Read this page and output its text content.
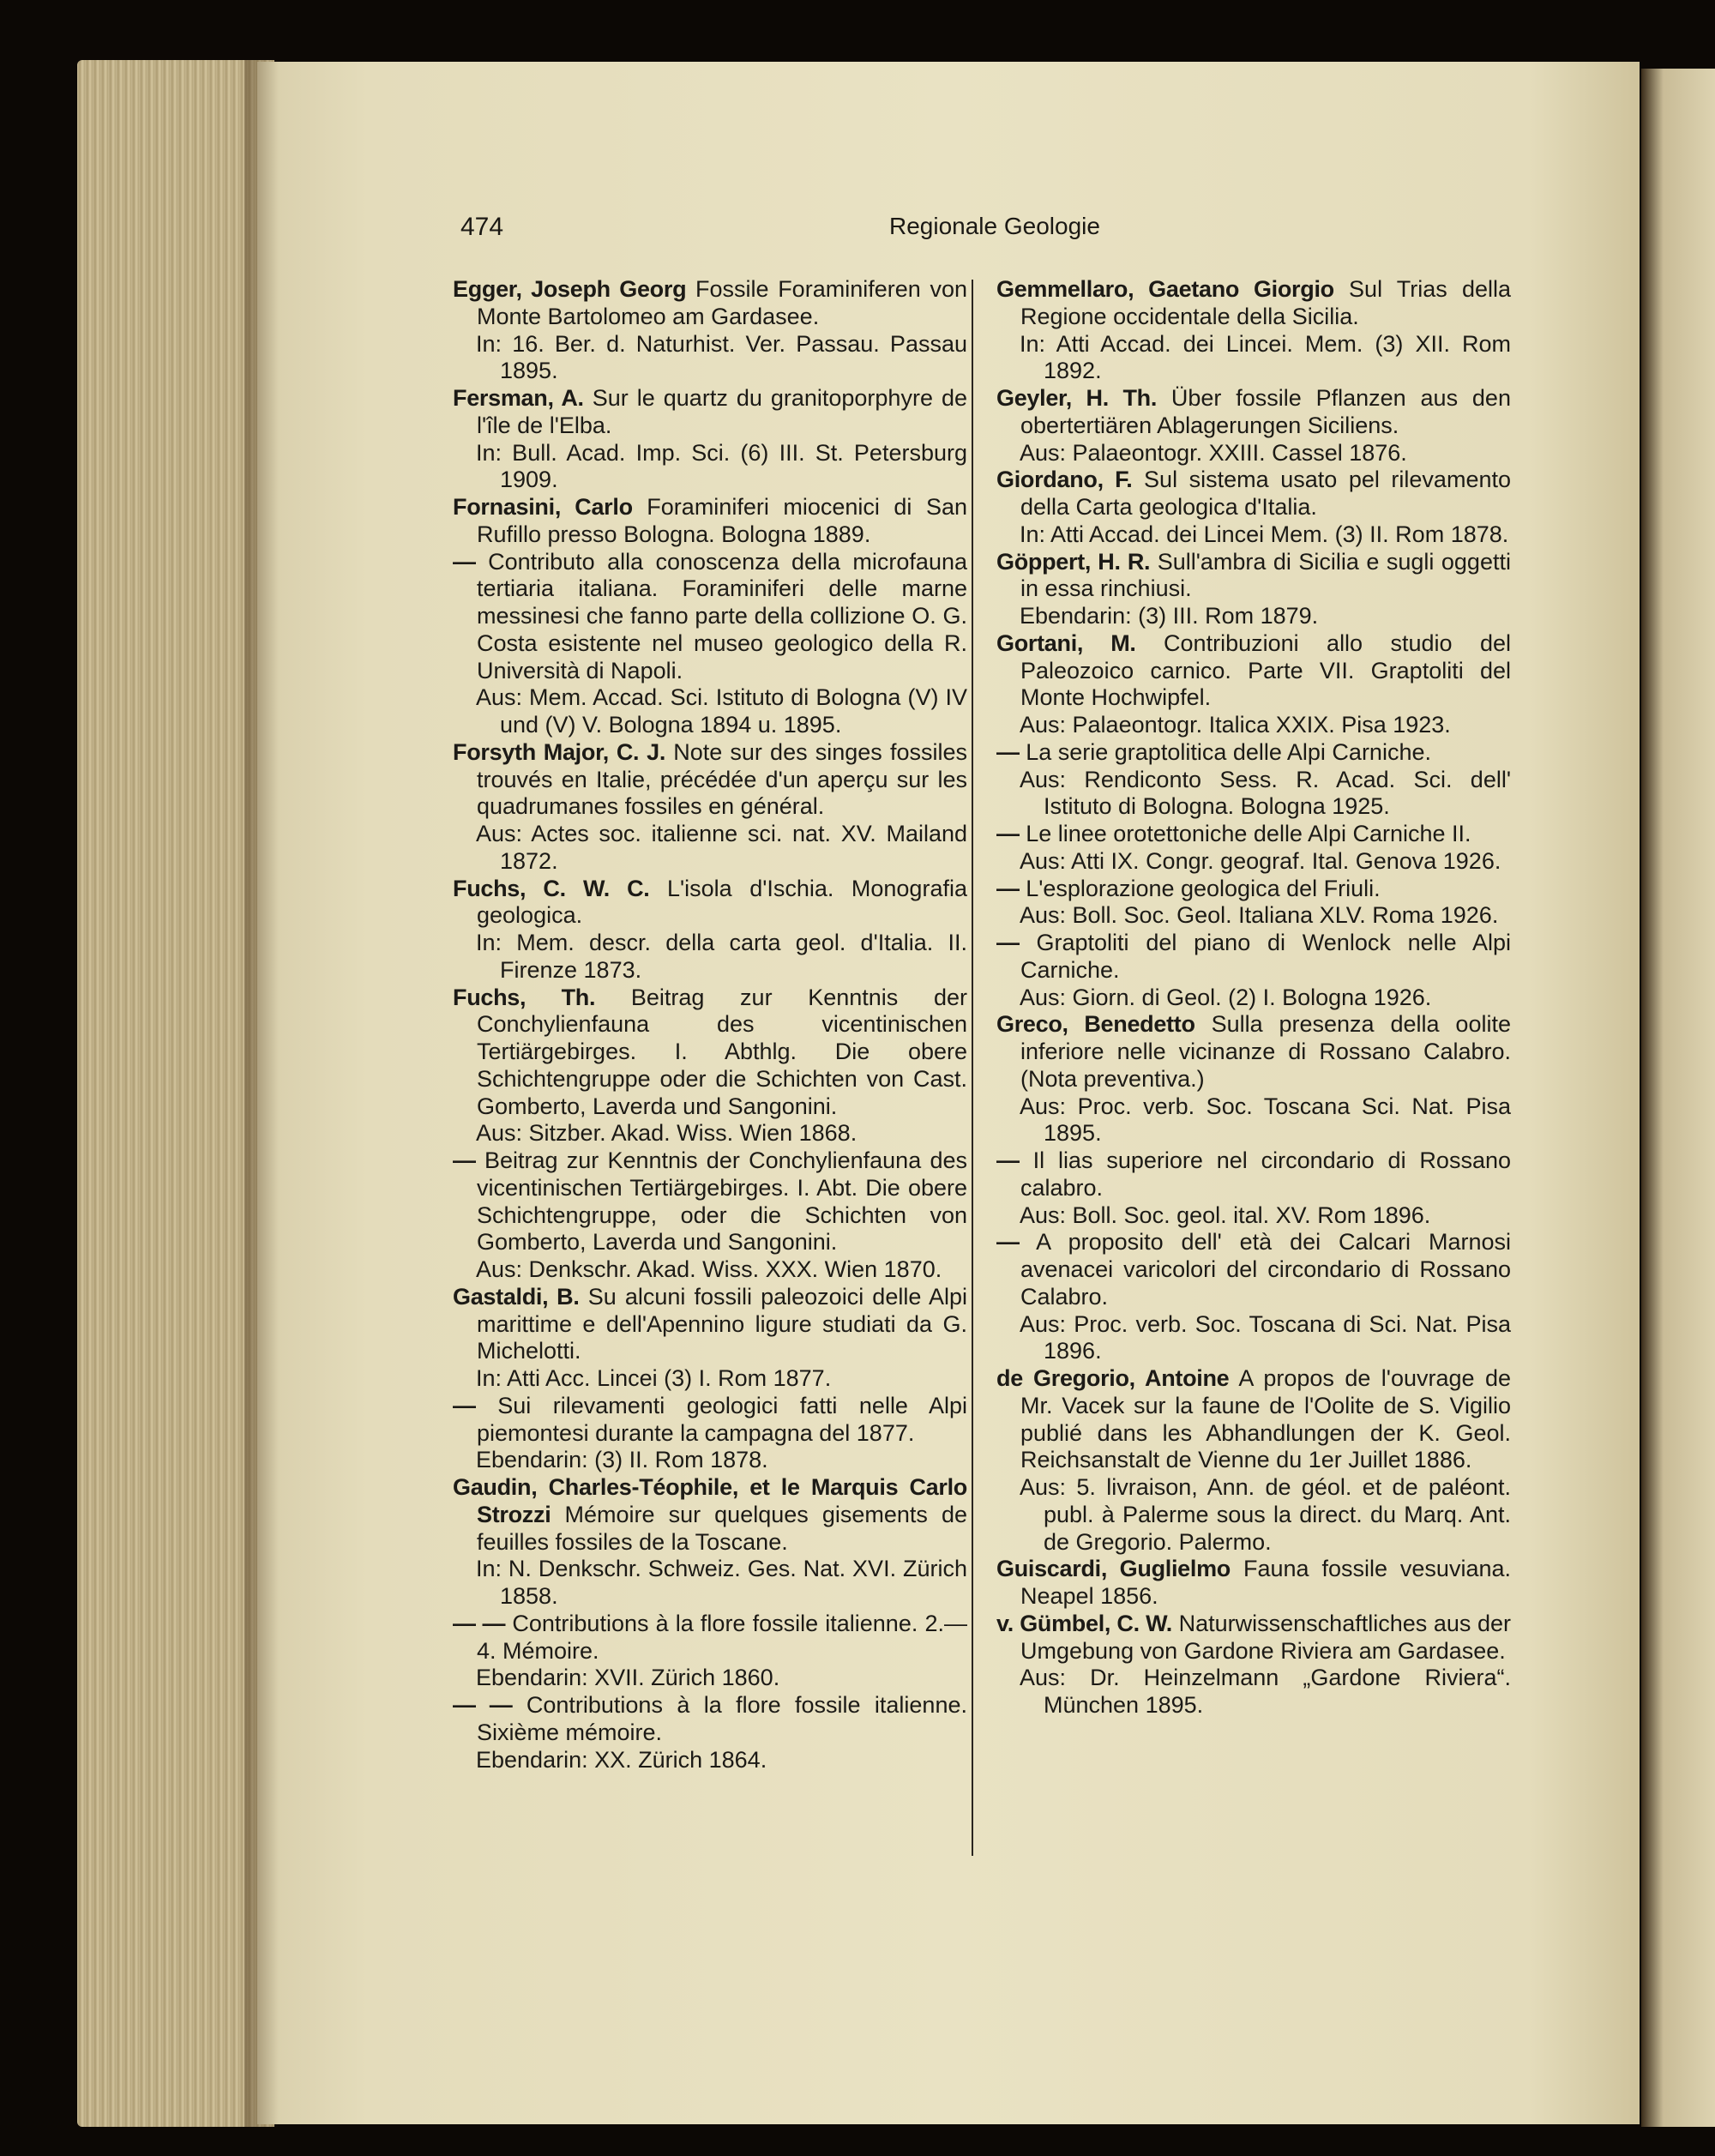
474	Regionale Geologie
Egger, Joseph Georg Fossile Foraminiferen von Monte Bartolomeo am Gardasee.
In: 16. Ber. d. Naturhist. Ver. Passau. Passau 1895.
Fersman, A. Sur le quartz du granitoporphyre de l'île de l'Elba.
In: Bull. Acad. Imp. Sci. (6) III. St. Petersburg 1909.
Fornasini, Carlo Foraminiferi miocenici di San Rufillo presso Bologna. Bologna 1889.
— Contributo alla conoscenza della microfauna tertiaria italiana. Foraminiferi delle marne messinesi che fanno parte della collizione O. G. Costa esistente nel museo geologico della R. Università di Napoli.
Aus: Mem. Accad. Sci. Istituto di Bologna (V) IV und (V) V. Bologna 1894 u. 1895.
Forsyth Major, C. J. Note sur des singes fossiles trouvés en Italie, précédée d'un aperçu sur les quadrumanes fossiles en général.
Aus: Actes soc. italienne sci. nat. XV. Mailand 1872.
Fuchs, C. W. C. L'isola d'Ischia. Monografia geologica.
In: Mem. descr. della carta geol. d'Italia. II. Firenze 1873.
Fuchs, Th. Beitrag zur Kenntnis der Conchylienfauna des vicentinischen Tertiärgebirges. I. Abthlg. Die obere Schichtengruppe oder die Schichten von Cast. Gomberto, Laverda und Sangonini.
Aus: Sitzber. Akad. Wiss. Wien 1868.
— Beitrag zur Kenntnis der Conchylienfauna des vicentinischen Tertiärgebirges. I. Abt. Die obere Schichtengruppe, oder die Schichten von Gomberto, Laverda und Sangonini.
Aus: Denkschr. Akad. Wiss. XXX. Wien 1870.
Gastaldi, B. Su alcuni fossili paleozoici delle Alpi marittime e dell'Apennino ligure studiati da G. Michelotti.
In: Atti Acc. Lincei (3) I. Rom 1877.
— Sui rilevamenti geologici fatti nelle Alpi piemontesi durante la campagna del 1877.
Ebendarin: (3) II. Rom 1878.
Gaudin, Charles-Téophile, et le Marquis Carlo Strozzi Mémoire sur quelques gisements de feuilles fossiles de la Toscane.
In: N. Denkschr. Schweiz. Ges. Nat. XVI. Zürich 1858.
— — Contributions à la flore fossile italienne. 2.—4. Mémoire.
Ebendarin: XVII. Zürich 1860.
— — Contributions à la flore fossile italienne. Sixième mémoire.
Ebendarin: XX. Zürich 1864.
Gemmellaro, Gaetano Giorgio Sul Trias della Regione occidentale della Sicilia.
In: Atti Accad. dei Lincei. Mem. (3) XII. Rom 1892.
Geyler, H. Th. Über fossile Pflanzen aus den obertertiären Ablagerungen Siciliens.
Aus: Palaeontogr. XXIII. Cassel 1876.
Giordano, F. Sul sistema usato pel rilevamento della Carta geologica d'Italia.
In: Atti Accad. dei Lincei Mem. (3) II. Rom 1878.
Göppert, H. R. Sull'ambra di Sicilia e sugli oggetti in essa rinchiusi.
Ebendarin: (3) III. Rom 1879.
Gortani, M. Contribuzioni allo studio del Paleozoico carnico. Parte VII. Graptoliti del Monte Hochwipfel.
Aus: Palaeontogr. Italica XXIX. Pisa 1923.
— La serie graptolitica delle Alpi Carniche.
Aus: Rendiconto Sess. R. Acad. Sci. dell' Istituto di Bologna. Bologna 1925.
— Le linee orotettoniche delle Alpi Carniche II.
Aus: Atti IX. Congr. geograf. Ital. Genova 1926.
— L'esplorazione geologica del Friuli.
Aus: Boll. Soc. Geol. Italiana XLV. Roma 1926.
— Graptoliti del piano di Wenlock nelle Alpi Carniche.
Aus: Giorn. di Geol. (2) I. Bologna 1926.
Greco, Benedetto Sulla presenza della oolite inferiore nelle vicinanze di Rossano Calabro. (Nota preventiva.)
Aus: Proc. verb. Soc. Toscana Sci. Nat. Pisa 1895.
— Il lias superiore nel circondario di Rossano calabro.
Aus: Boll. Soc. geol. ital. XV. Rom 1896.
— A proposito dell' età dei Calcari Marnosi avenacei varicolori del circondario di Rossano Calabro.
Aus: Proc. verb. Soc. Toscana di Sci. Nat. Pisa 1896.
de Gregorio, Antoine A propos de l'ouvrage de Mr. Vacek sur la faune de l'Oolite de S. Vigilio publié dans les Abhandlungen der K. Geol. Reichsanstalt de Vienne du 1er Juillet 1886.
Aus: 5. livraison, Ann. de géol. et de paléont. publ. à Palerme sous la direct. du Marq. Ant. de Gregorio. Palermo.
Guiscardi, Guglielmo Fauna fossile vesuviana. Neapel 1856.
v. Gümbel, C. W. Naturwissenschaftliches aus der Umgebung von Gardone Riviera am Gardasee.
Aus: Dr. Heinzelmann „Gardone Riviera“. München 1895.
